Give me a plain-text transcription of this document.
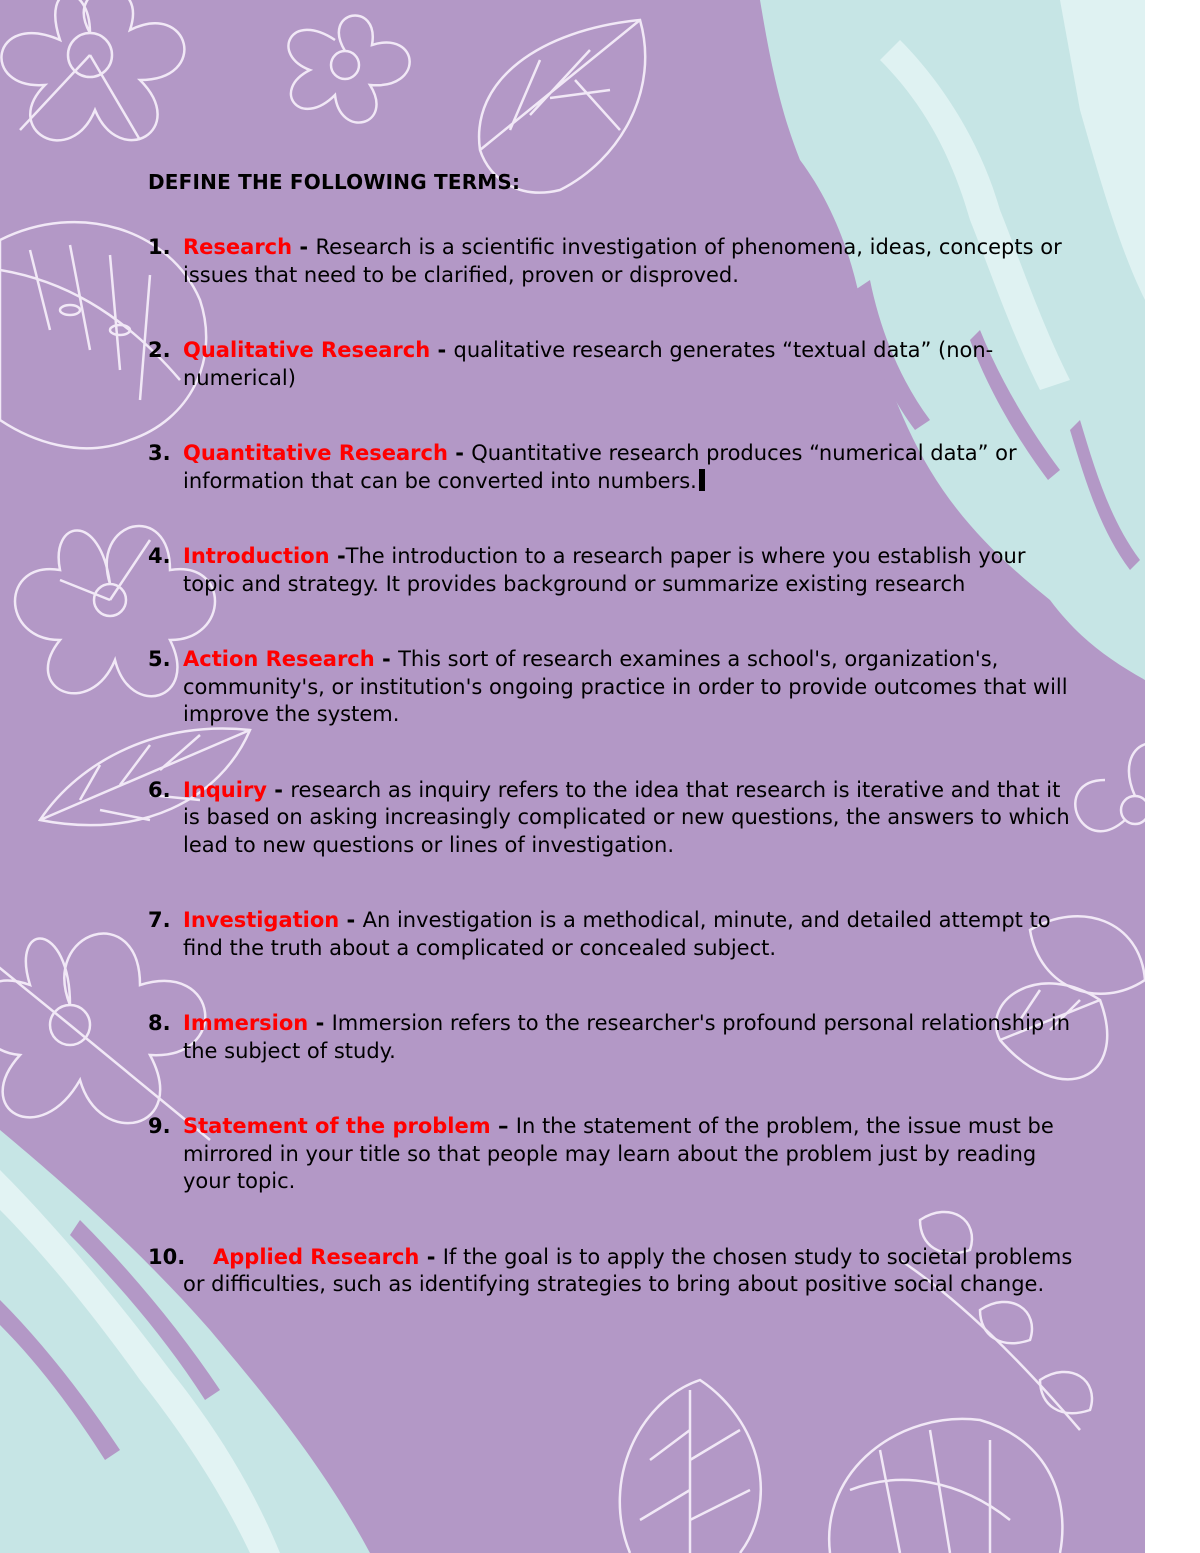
DEFINE THE FOLLOWING TERMS:
1. Research - Research is a scientific investigation of phenomena, ideas, concepts or issues that need to be clarified, proven or disproved.
2. Qualitative Research - qualitative research generates “textual data” (non-numerical)
3. Quantitative Research - Quantitative research produces “numerical data” or information that can be converted into numbers.
4. Introduction -The introduction to a research paper is where you establish your topic and strategy. It provides background or summarize existing research
5. Action Research - This sort of research examines a school's, organization's, community's, or institution's ongoing practice in order to provide outcomes that will improve the system.
6. Inquiry - research as inquiry refers to the idea that research is iterative and that it is based on asking increasingly complicated or new questions, the answers to which lead to new questions or lines of investigation.
7. Investigation - An investigation is a methodical, minute, and detailed attempt to find the truth about a complicated or concealed subject.
8. Immersion - Immersion refers to the researcher's profound personal relationship in the subject of study.
9. Statement of the problem – In the statement of the problem, the issue must be mirrored in your title so that people may learn about the problem just by reading your topic.
10. Applied Research - If the goal is to apply the chosen study to societal problems or difficulties, such as identifying strategies to bring about positive social change.
